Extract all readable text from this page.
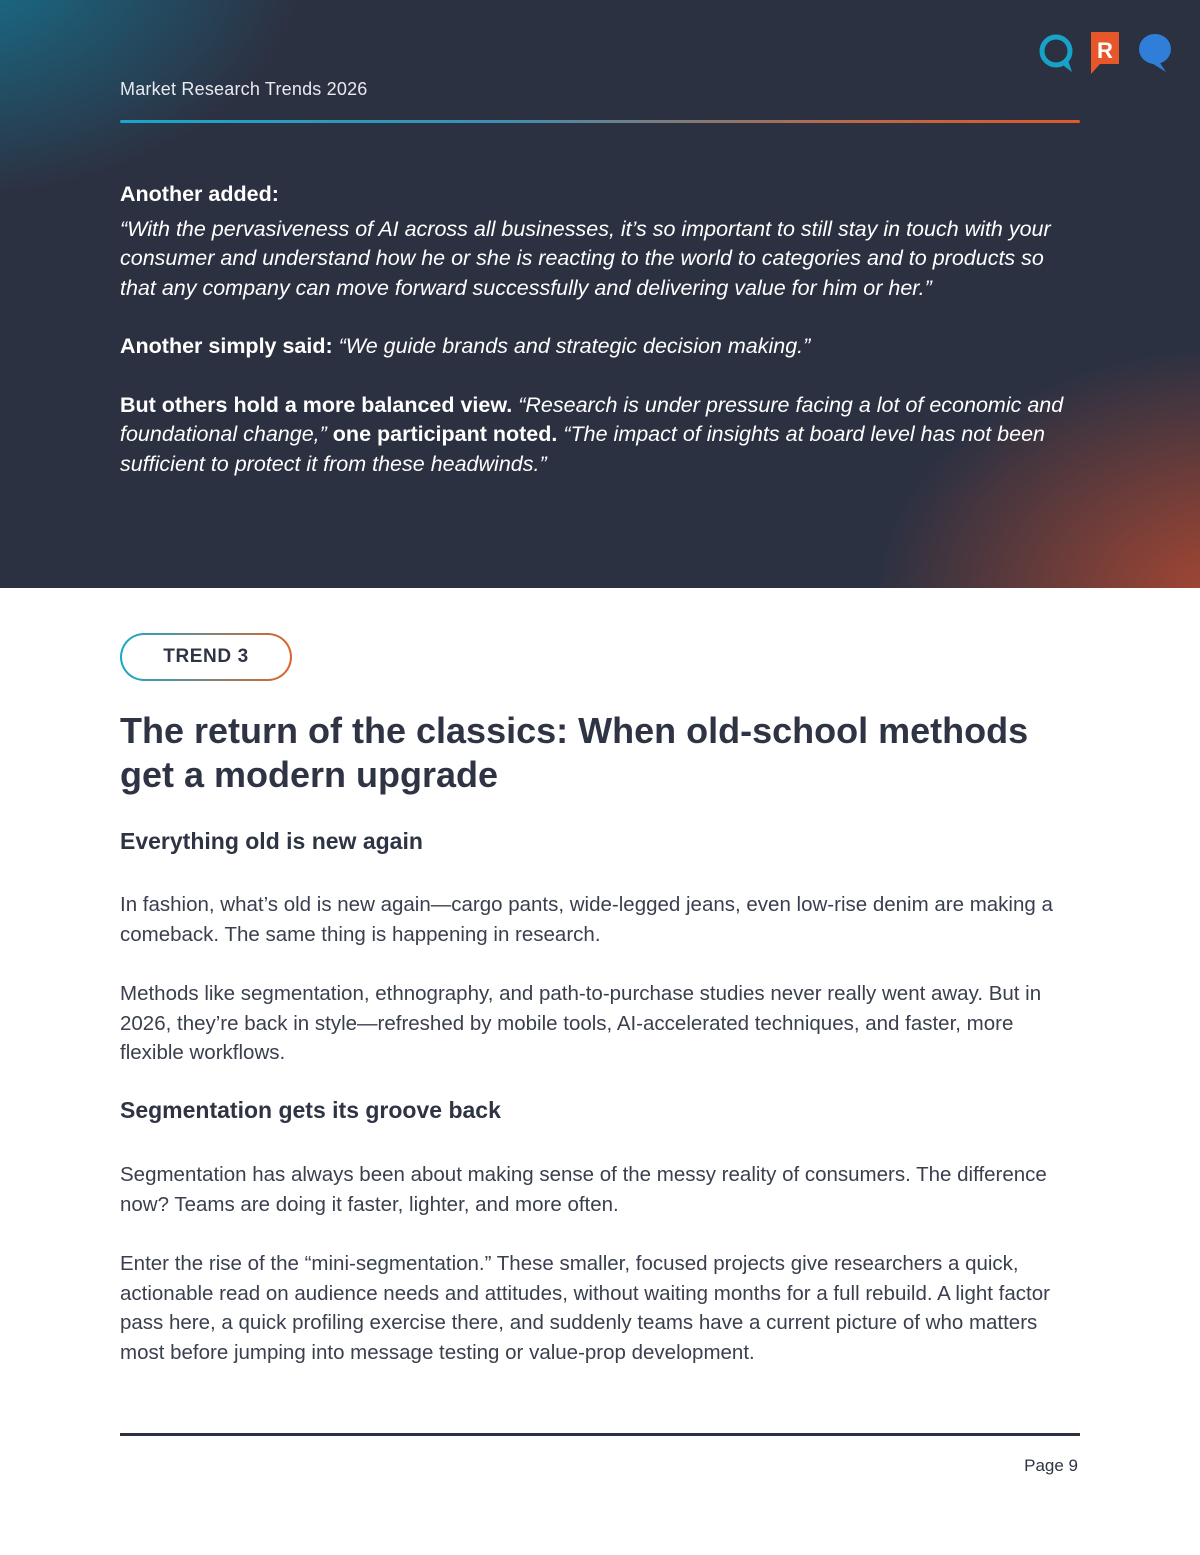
Market Research Trends 2026
R

Another added:

“With the pervasiveness of AI across all businesses, it’s so important to still stay in touch with your consumer and understand how he or she is reacting to the world to categories and to products so that any company can move forward successfully and delivering value for him or her.”

Another simply said: “We guide brands and strategic decision making.”

But others hold a more balanced view. “Research is under pressure facing a lot of economic and foundational change,” one participant noted. “The impact of insights at board level has not been sufficient to protect it from these headwinds.”

TREND 3
The return of the classics: When old-school methods get a modern upgrade
Everything old is new again

In fashion, what’s old is new again—cargo pants, wide-legged jeans, even low-rise denim are making a comeback. The same thing is happening in research.

Methods like segmentation, ethnography, and path-to-purchase studies never really went away. But in 2026, they’re back in style—refreshed by mobile tools, AI-accelerated techniques, and faster, more flexible workflows.

Segmentation gets its groove back

Segmentation has always been about making sense of the messy reality of consumers. The difference now? Teams are doing it faster, lighter, and more often.

Enter the rise of the “mini-segmentation.” These smaller, focused projects give researchers a quick, actionable read on audience needs and attitudes, without waiting months for a full rebuild. A light factor pass here, a quick profiling exercise there, and suddenly teams have a current picture of who matters most before jumping into message testing or value-prop development.

Page 9
